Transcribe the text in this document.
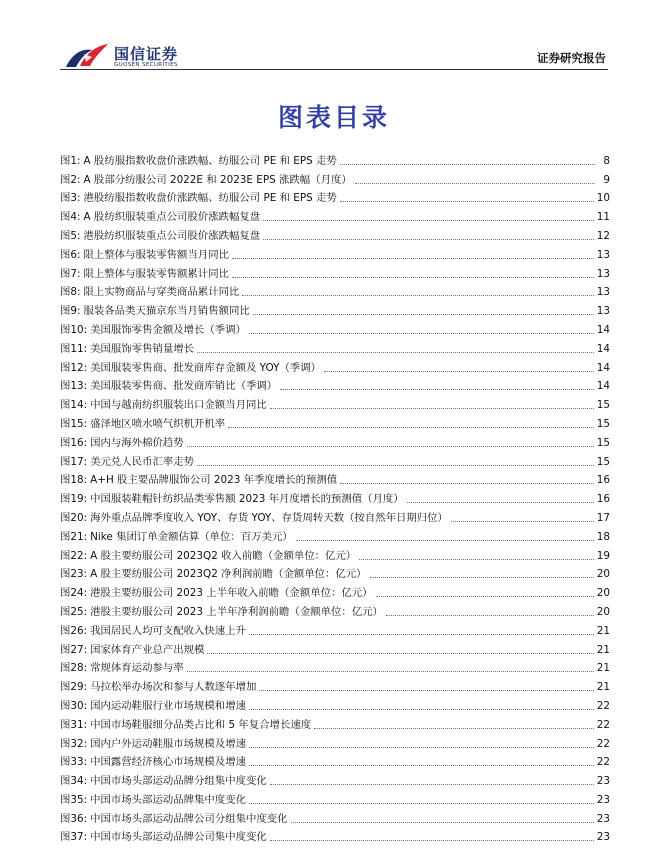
国信证券
GUOSEN SECURITIES	证券研究报告
图表目录
图1: A 股纺服指数收盘价涨跌幅、纺服公司 PE 和 EPS 走势	8
图2: A 股部分纺服公司 2022E 和 2023E EPS 涨跌幅（月度）	9
图3: 港股纺服指数收盘价涨跌幅、纺服公司 PE 和 EPS 走势	10
图4: A 股纺织服装重点公司股价涨跌幅复盘	11
图5: 港股纺织服装重点公司股价涨跌幅复盘	12
图6: 限上整体与服装零售额当月同比	13
图7: 限上整体与服装零售额累计同比	13
图8: 限上实物商品与穿类商品累计同比	13
图9: 服装各品类天猫京东当月销售额同比	13
图10: 美国服饰零售金额及增长（季调）	14
图11: 美国服饰零售销量增长	14
图12: 美国服装零售商、批发商库存金额及 YOY（季调）	14
图13: 美国服装零售商、批发商库销比（季调）	14
图14: 中国与越南纺织服装出口金额当月同比	15
图15: 盛泽地区喷水喷气织机开机率	15
图16: 国内与海外棉价趋势	15
图17: 美元兑人民币汇率走势	15
图18: A+H 股主要品牌服饰公司 2023 年季度增长的预测值	16
图19: 中国服装鞋帽针纺织品类零售额 2023 年月度增长的预测值（月度）	16
图20: 海外重点品牌季度收入 YOY、存货 YOY、存货周转天数（按自然年日期归位）	17
图21: Nike 集团订单金额估算（单位：百万美元）	18
图22: A 股主要纺服公司 2023Q2 收入前瞻（金额单位：亿元）	19
图23: A 股主要纺服公司 2023Q2 净利润前瞻（金额单位：亿元）	20
图24: 港股主要纺服公司 2023 上半年收入前瞻（金额单位：亿元）	20
图25: 港股主要纺服公司 2023 上半年净利润前瞻（金额单位：亿元）	20
图26: 我国居民人均可支配收入快速上升	21
图27: 国家体育产业总产出规模	21
图28: 常规体育运动参与率	21
图29: 马拉松举办场次和参与人数逐年增加	21
图30: 国内运动鞋服行业市场规模和增速	22
图31: 中国市场鞋服细分品类占比和 5 年复合增长速度	22
图32: 国内户外运动鞋服市场规模及增速	22
图33: 中国露营经济核心市场规模及增速	22
图34: 中国市场头部运动品牌分组集中度变化	23
图35: 中国市场头部运动品牌集中度变化	23
图36: 中国市场头部运动品牌公司分组集中度变化	23
图37: 中国市场头部运动品牌公司集中度变化	23
